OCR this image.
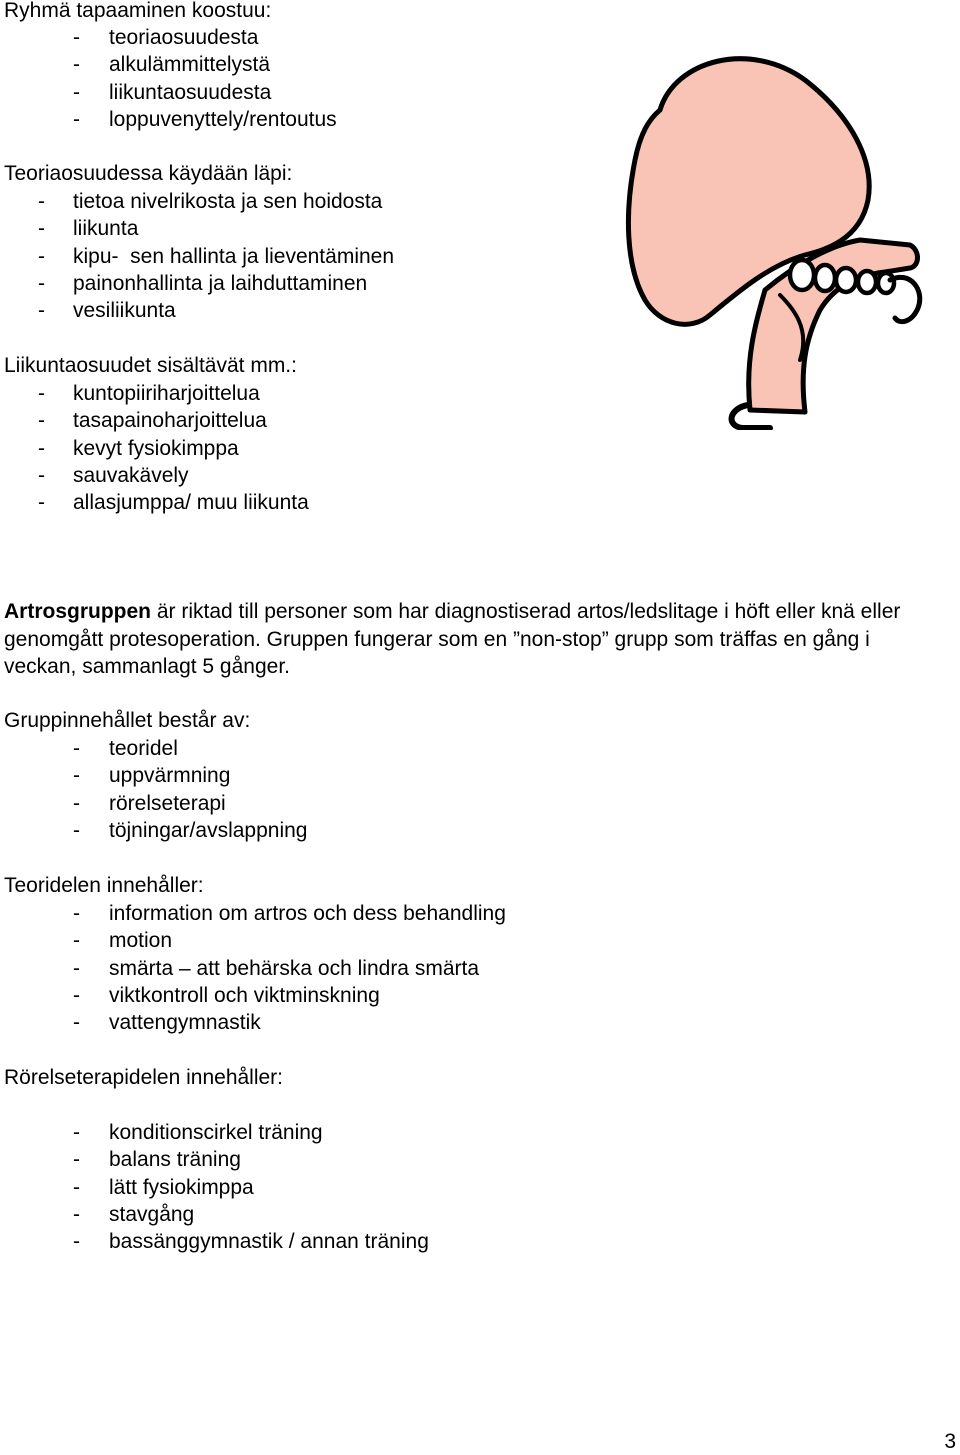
Ryhmä tapaaminen koostuu:
- teoriaosuudesta
- alkulämmittelystä
- liikuntaosuudesta
- loppuvenyttely/rentoutus
Teoriaosuudessa käydään läpi:
- tietoa nivelrikosta ja sen hoidosta
- liikunta
- kipu-  sen hallinta ja lieventäminen
- painonhallinta ja laihduttaminen
- vesiliikunta
Liikuntaosuudet sisältävät mm.:
- kuntopiiriharjoittelua
- tasapainoharjoittelua
- kevyt fysiokimppa
- sauvakävely
- allasjumppa/ muu liikunta

Artrosgruppen är riktad till personer som har diagnostiserad artos/ledslitage i höft eller knä eller genomgått protesoperation. Gruppen fungerar som en ”non-stop” grupp som träffas en gång i veckan, sammanlagt 5 gånger.

Gruppinnehållet består av:
- teoridel
- uppvärmning
- rörelseterapi
- töjningar/avslappning
Teoridelen innehåller:
- information om artros och dess behandling
- motion
- smärta – att behärska och lindra smärta
- viktkontroll och viktminskning
- vattengymnastik
Rörelseterapidelen innehåller:
- konditionscirkel träning
- balans träning
- lätt fysiokimppa
- stavgång
- bassänggymnastik / annan träning
3
